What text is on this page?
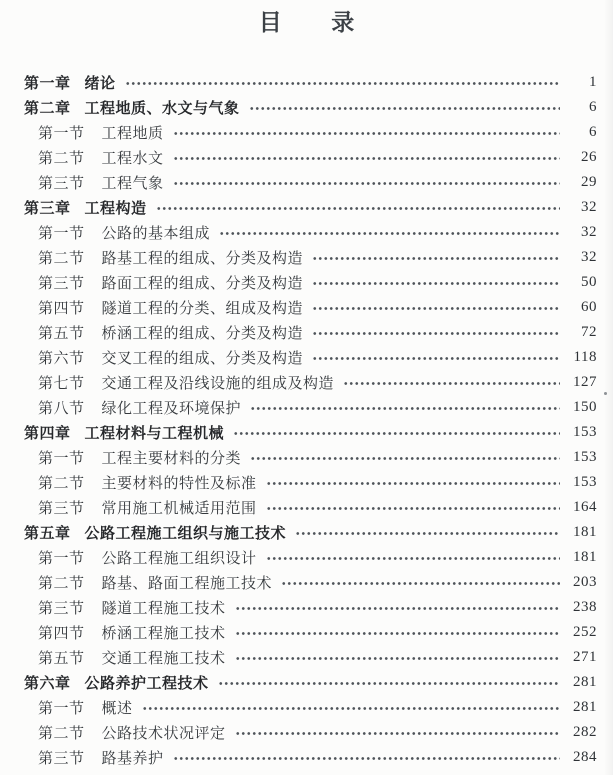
目录
第一章 绪论	1
第二章 工程地质、水文与气象	6
第一节 工程地质	6
第二节 工程水文	26
第三节 工程气象	29
第三章 工程构造	32
第一节 公路的基本组成	32
第二节 路基工程的组成、分类及构造	32
第三节 路面工程的组成、分类及构造	50
第四节 隧道工程的分类、组成及构造	60
第五节 桥涵工程的组成、分类及构造	72
第六节 交叉工程的组成、分类及构造	118
第七节 交通工程及沿线设施的组成及构造	127
第八节 绿化工程及环境保护	150
第四章 工程材料与工程机械	153
第一节 工程主要材料的分类	153
第二节 主要材料的特性及标准	153
第三节 常用施工机械适用范围	164
第五章 公路工程施工组织与施工技术	181
第一节 公路工程施工组织设计	181
第二节 路基、路面工程施工技术	203
第三节 隧道工程施工技术	238
第四节 桥涵工程施工技术	252
第五节 交通工程施工技术	271
第六章 公路养护工程技术	281
第一节 概述	281
第二节 公路技术状况评定	282
第三节 路基养护	284
